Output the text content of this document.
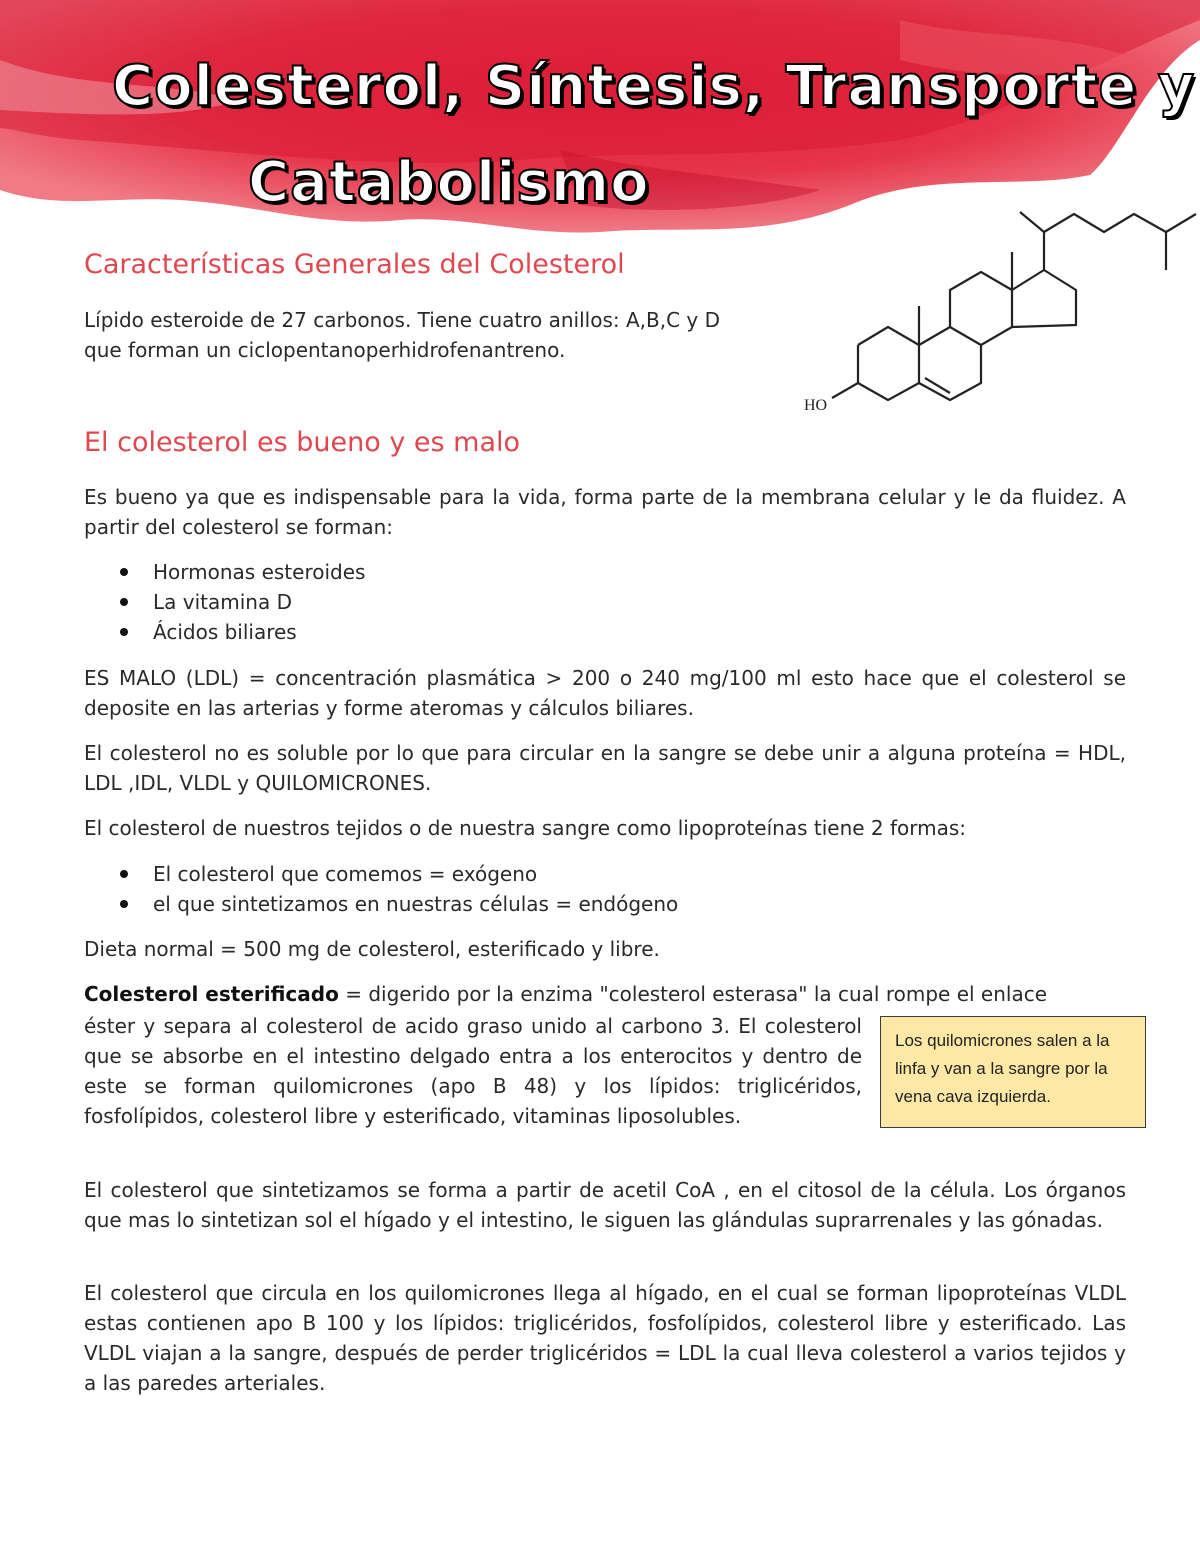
Colesterol, Síntesis, Transporte y
Catabolismo
Características Generales del Colesterol
Lípido esteroide de 27 carbonos. Tiene cuatro anillos: A,B,C y D
que forman un ciclopentanoperhidrofenantreno.
HO
El colesterol es bueno y es malo
Es bueno ya que es indispensable para la vida, forma parte de la membrana celular y le da fluidez. A partir del colesterol se forman:
Hormonas esteroides
La vitamina D
Ácidos biliares
ES MALO (LDL) = concentración plasmática > 200 o 240 mg/100 ml esto hace que el colesterol se deposite en las arterias y forme ateromas y cálculos biliares.
El colesterol no es soluble por lo que para circular en la sangre se debe unir a alguna proteína = HDL, LDL ,IDL, VLDL y QUILOMICRONES.
El colesterol de nuestros tejidos o de nuestra sangre como lipoproteínas tiene 2 formas:
El colesterol que comemos = exógeno
el que sintetizamos en nuestras células = endógeno
Dieta normal = 500 mg de colesterol, esterificado y libre.
Colesterol esterificado = digerido por la enzima "colesterol esterasa" la cual rompe el enlace
éster y separa al colesterol de acido graso unido al carbono 3. El colesterol que se absorbe en el intestino delgado entra a los enterocitos y dentro de este se forman quilomicrones (apo B 48) y los lípidos: triglicéridos, fosfolípidos, colesterol libre y esterificado, vitaminas liposolubles.
Los quilomicrones salen a la linfa y van a la sangre por la vena cava izquierda.
El colesterol que sintetizamos se forma a partir de acetil CoA , en el citosol de la célula. Los órganos que mas lo sintetizan sol el hígado y el intestino, le siguen las glándulas suprarrenales y las gónadas.
El colesterol que circula en los quilomicrones llega al hígado, en el cual se forman lipoproteínas VLDL estas contienen apo B 100 y los lípidos: triglicéridos, fosfolípidos, colesterol libre y esterificado. Las VLDL viajan a la sangre, después de perder triglicéridos = LDL la cual lleva colesterol a varios tejidos y a las paredes arteriales.
